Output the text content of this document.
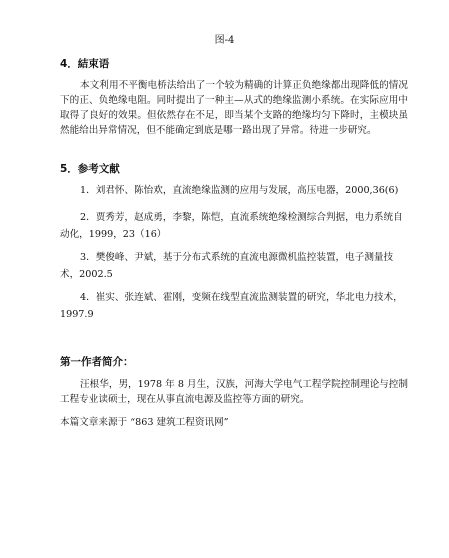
图-4
4．結束语
本文利用不平衡电桥法给出了一个较为精确的计算正负绝缘都出现降低的情况下的正、负绝缘电阻。同时提出了一种主—从式的绝缘监测小系统。在实际应用中取得了良好的效果。但依然存在不足，即当某个支路的绝缘均匀下降时，主模块虽然能给出异常情况，但不能确定到底是哪一路出现了异常。待进一步研究。
5．参考文献
1．刘君怀、陈怡欢，直流绝缘监测的应用与发展，高压电器，2000,36(6)
2．贾秀芳，赵成勇，李黎，陈恺，直流系统绝缘检测综合判据，电力系统自动化，1999，23（16）
3．樊俊峰、尹斌，基于分布式系统的直流电源微机监控装置，电子测量技术，2002.5
4．崔实、张连斌、霍刚，变频在线型直流监测装置的研究，华北电力技术，1997.9
第一作者简介：
汪根华，男，1978 年 8 月生，汉族，河海大学电气工程学院控制理论与控制工程专业读硕士，现在从事直流电源及监控等方面的研究。
本篇文章来源于 “863 建筑工程资讯网”
